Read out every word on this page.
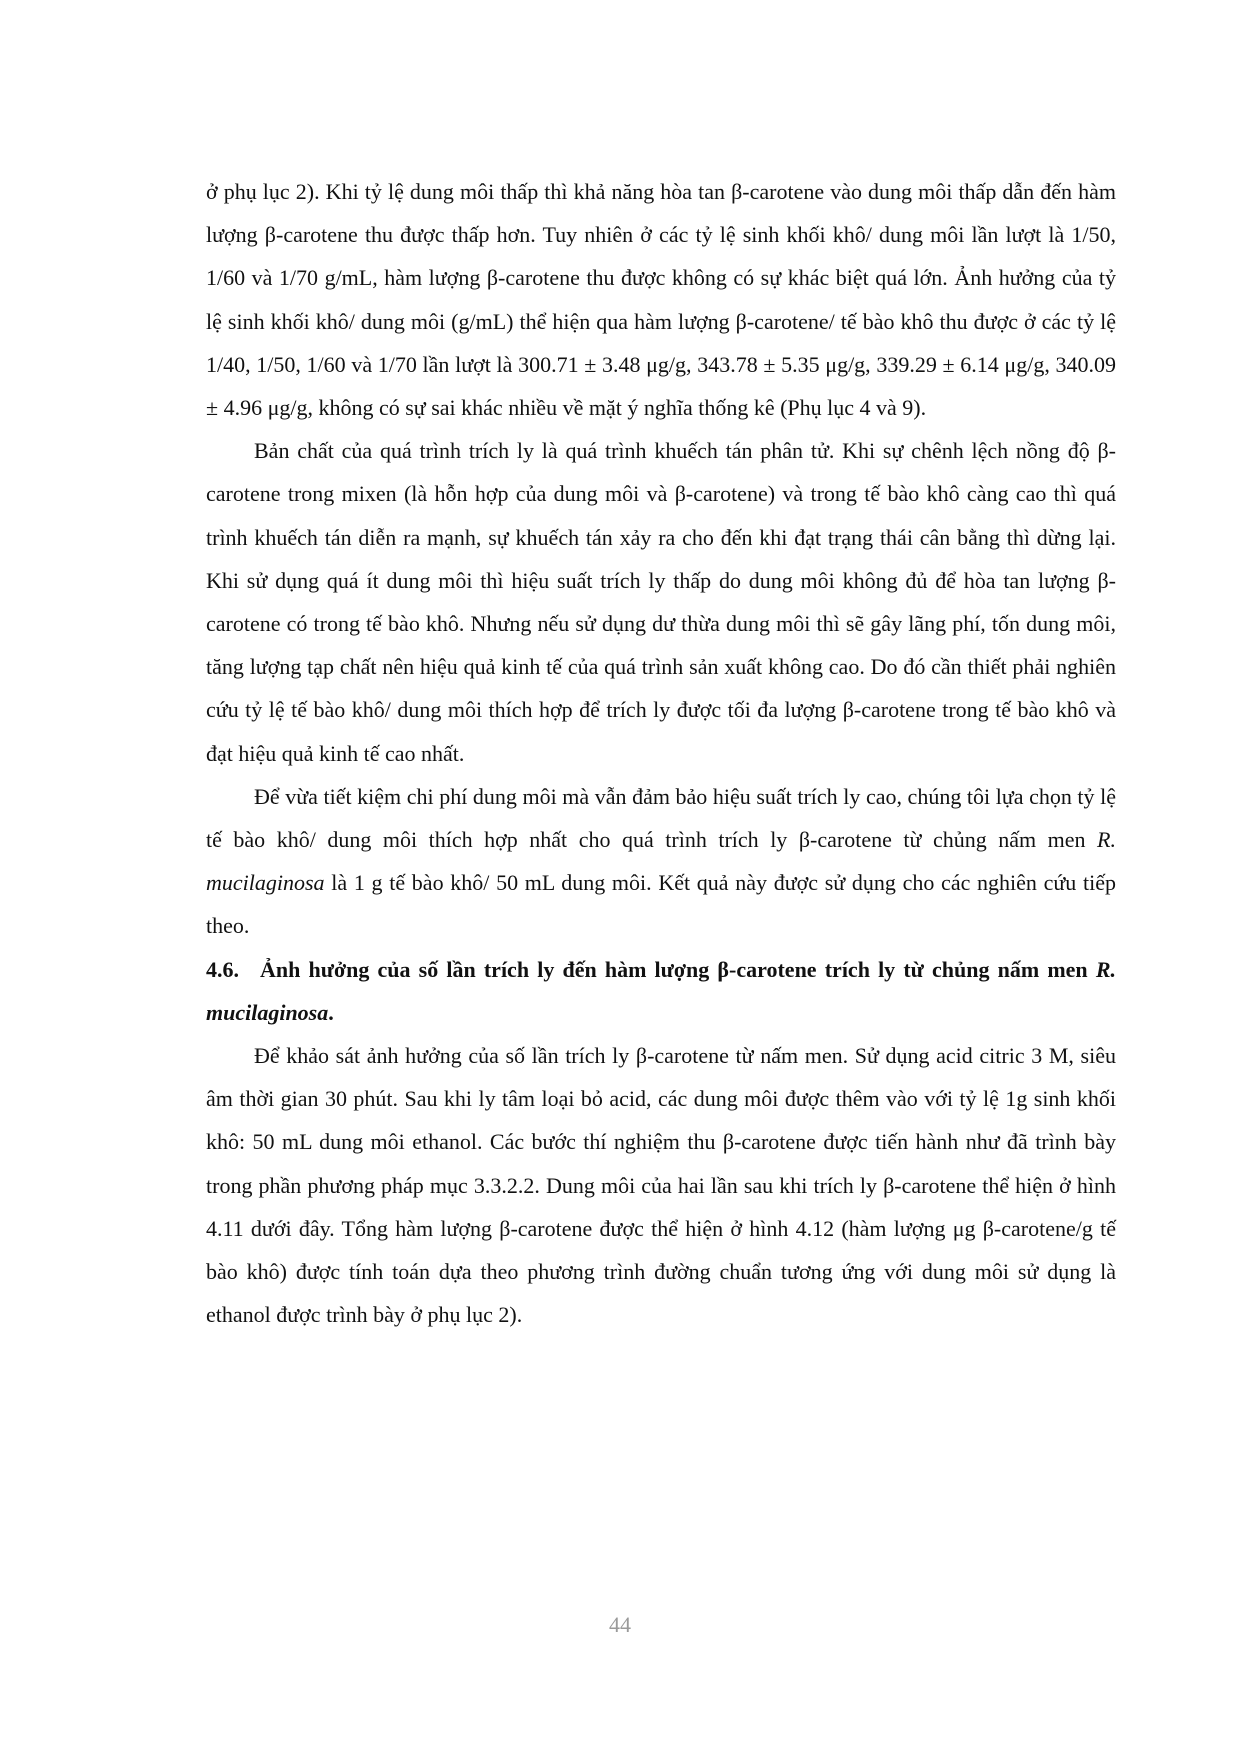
ở phụ lục 2). Khi tỷ lệ dung môi thấp thì khả năng hòa tan β-carotene vào dung môi thấp dẫn đến hàm lượng β-carotene thu được thấp hơn. Tuy nhiên ở các tỷ lệ sinh khối khô/ dung môi lần lượt là 1/50, 1/60 và 1/70 g/mL, hàm lượng β-carotene thu được không có sự khác biệt quá lớn. Ảnh hưởng của tỷ lệ sinh khối khô/ dung môi (g/mL) thể hiện qua hàm lượng β-carotene/ tế bào khô thu được ở các tỷ lệ 1/40, 1/50, 1/60 và 1/70 lần lượt là 300.71 ± 3.48 μg/g, 343.78 ± 5.35 μg/g, 339.29 ± 6.14 μg/g, 340.09 ± 4.96 μg/g, không có sự sai khác nhiều về mặt ý nghĩa thống kê (Phụ lục 4 và 9).

Bản chất của quá trình trích ly là quá trình khuếch tán phân tử. Khi sự chênh lệch nồng độ β-carotene trong mixen (là hỗn hợp của dung môi và β-carotene) và trong tế bào khô càng cao thì quá trình khuếch tán diễn ra mạnh, sự khuếch tán xảy ra cho đến khi đạt trạng thái cân bằng thì dừng lại. Khi sử dụng quá ít dung môi thì hiệu suất trích ly thấp do dung môi không đủ để hòa tan lượng β-carotene có trong tế bào khô. Nhưng nếu sử dụng dư thừa dung môi thì sẽ gây lãng phí, tốn dung môi, tăng lượng tạp chất nên hiệu quả kinh tế của quá trình sản xuất không cao. Do đó cần thiết phải nghiên cứu tỷ lệ tế bào khô/ dung môi thích hợp để trích ly được tối đa lượng β-carotene trong tế bào khô và đạt hiệu quả kinh tế cao nhất.

Để vừa tiết kiệm chi phí dung môi mà vẫn đảm bảo hiệu suất trích ly cao, chúng tôi lựa chọn tỷ lệ tế bào khô/ dung môi thích hợp nhất cho quá trình trích ly β-carotene từ chủng nấm men R. mucilaginosa là 1 g tế bào khô/ 50 mL dung môi. Kết quả này được sử dụng cho các nghiên cứu tiếp theo.

4.6. Ảnh hưởng của số lần trích ly đến hàm lượng β-carotene trích ly từ chủng nấm men R. mucilaginosa.

Để khảo sát ảnh hưởng của số lần trích ly β-carotene từ nấm men. Sử dụng acid citric 3 M, siêu âm thời gian 30 phút. Sau khi ly tâm loại bỏ acid, các dung môi được thêm vào với tỷ lệ 1g sinh khối khô: 50 mL dung môi ethanol. Các bước thí nghiệm thu β-carotene được tiến hành như đã trình bày trong phần phương pháp mục 3.3.2.2. Dung môi của hai lần sau khi trích ly β-carotene thể hiện ở hình 4.11 dưới đây. Tổng hàm lượng β-carotene được thể hiện ở hình 4.12 (hàm lượng μg β-carotene/g tế bào khô) được tính toán dựa theo phương trình đường chuẩn tương ứng với dung môi sử dụng là ethanol được trình bày ở phụ lục 2).

44
